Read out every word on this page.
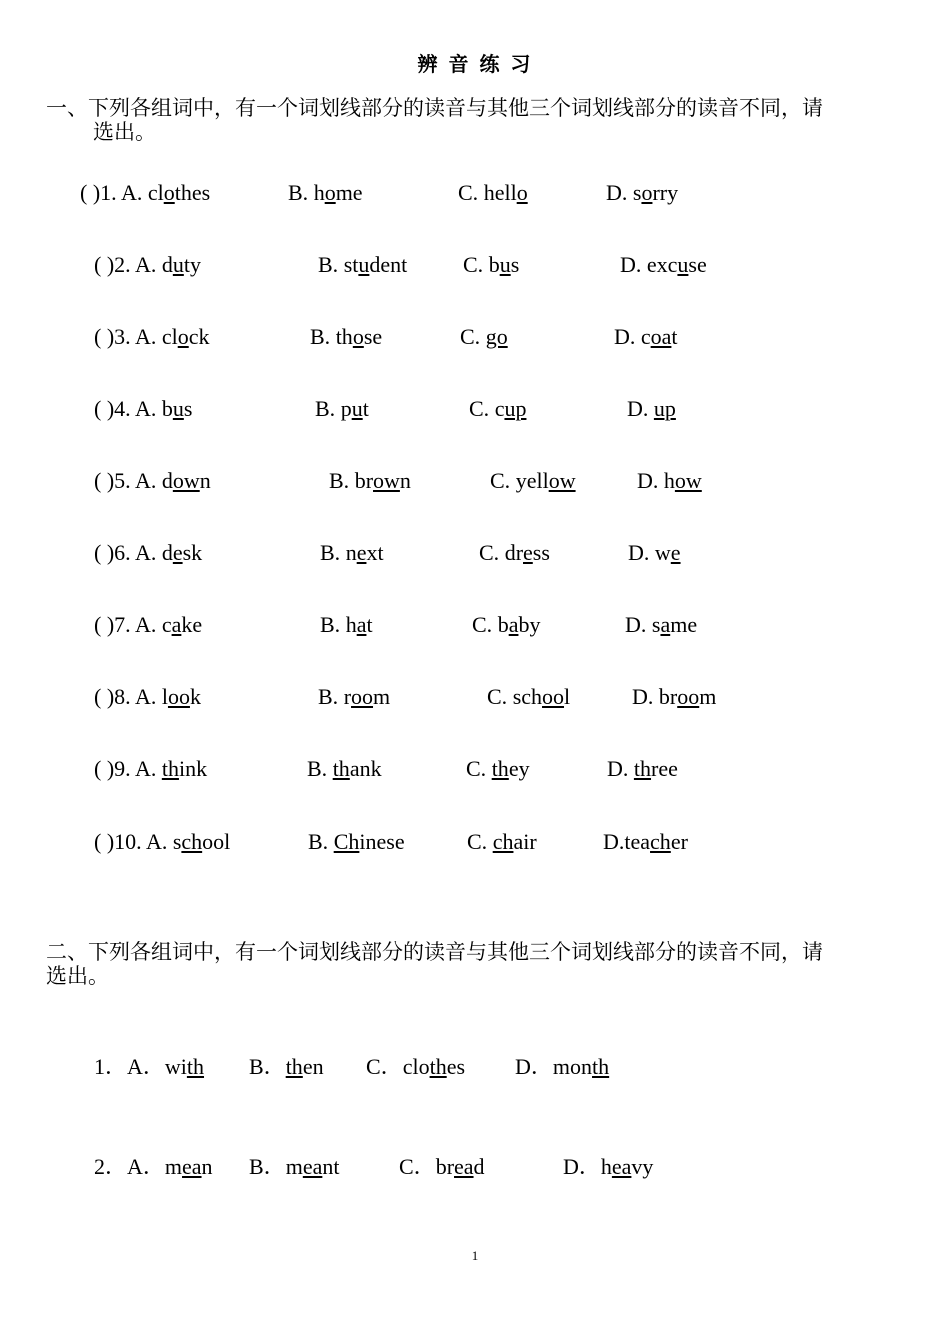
辨 音 练 习
一、下列各组词中，有一个词划线部分的读音与其他三个词划线部分的读音不同，请
选出。
( )1. A. clothes	B. home	C. hello	D. sorry
( )2. A. duty	B. student	C. bus	D. excuse
( )3. A. clock	B. those	C. go	D. coat
( )4. A. bus	B. put	C. cup	D. up
( )5. A. down	B. brown	C. yellow	D. how
( )6. A. desk	B. next	C. dress	D. we
( )7. A. cake	B. hat	C. baby	D. same
( )8. A. look	B. room	C. school	D. broom
( )9. A. think	B. thank	C. they	D. three
( )10. A. school	B. Chinese	C. chair	D.teacher
二、下列各组词中，有一个词划线部分的读音与其他三个词划线部分的读音不同，请
选出。
1．A．with B．then C．clothes D．month
2．A．mean B．meant	C．bread	D．heavy
1
